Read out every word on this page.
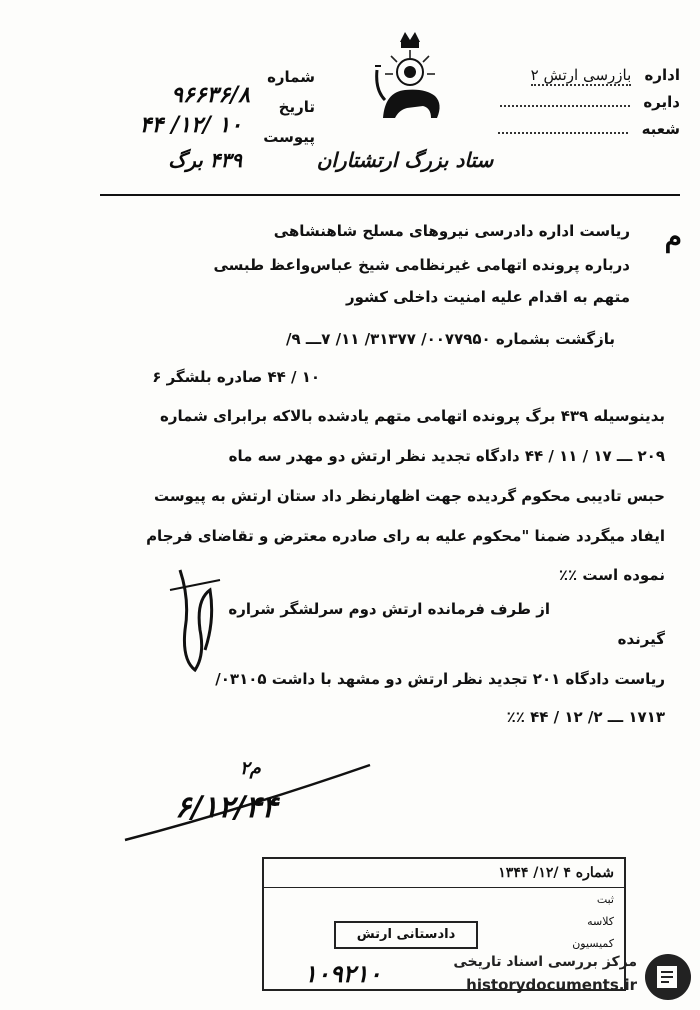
اداره بازرسی ارتش ۲
دایره
شعبه
شماره
تاریخ
پیوست
۹۶۶۳۶/۸
۱۰ /۱۲/ ۴۴
۴۳۹ برگ	ستاد بزرگ ارتشتاران
م
ریاست اداره دادرسی نیروهای مسلح شاهنشاهی
درباره پرونده اتهامی غیرنظامی شیخ عباس‌واعظ طبسی
متهم به اقدام علیه امنیت داخلی کشور
بازگشت بشماره ۰۰۷۷۹۵۰/ ۳۱۳۷۷/ ۱۱/ ۷ـــ ۹/
۱۰ / ۴۴ صادره بلشگر ۶
بدینوسیله ۴۳۹ برگ پرونده اتهامی متهم یادشده بالاکه برابرای شماره
۲۰۹ ـــ ۱۷ / ۱۱ / ۴۴ دادگاه تجدید نظر ارتش دو مهدر سه ماه
حبس تادیبی محکوم گردیده جهت اظهارنظر داد ستان ارتش به پیوست
ایفاد میگردد ضمنا "محکوم علیه به رای صادره معترض و تقاضای فرجام
نموده است ٪٪
از طرف فرمانده ارتش دوم سرلشگر شراره
گیرنده
ریاست دادگاه ۲۰۱ تجدید نظر ارتش دو مشهد با داشت ۰۳۱۰۵/
۱۷۱۳ ـــ ۲/ ۱۲ / ۴۴ ٪٪
۶/۱۲/۴۴
۲م
شماره ۴ /۱۲/ ۱۳۴۴
ثبت
کلاسه
کمیسیون
دادستانی ارتش
۱۰۹۲۱۰	مرکز بررسی اسناد تاریخی
historydocuments.ir
